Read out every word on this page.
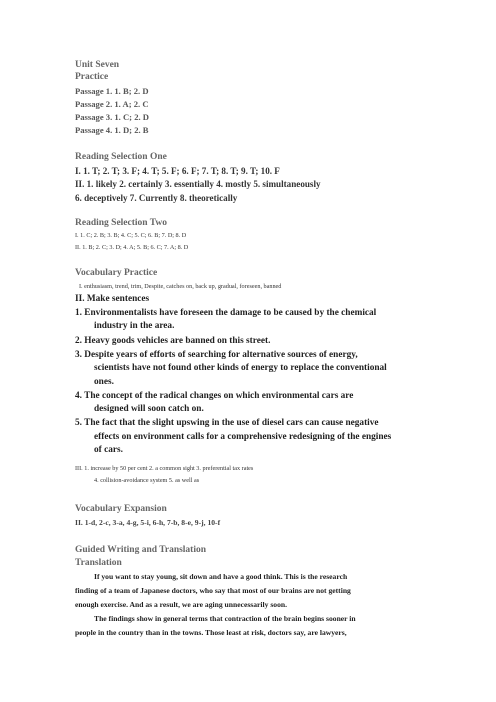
Unit Seven
Practice
Passage 1. 1. B; 2. D
Passage 2. 1. A; 2. C
Passage 3. 1. C; 2. D
Passage 4. 1. D; 2. B
Reading Selection One
I. 1. T; 2. T; 3. F; 4. T; 5. F; 6. F; 7. T; 8. T; 9. T; 10. F
II. 1. likely 2. certainly 3. essentially 4. mostly 5. simultaneously
6. deceptively 7. Currently 8. theoretically
Reading Selection Two
I. 1. C; 2. B; 3. B; 4. C; 5. C; 6. B; 7. D; 8. D
II. 1. B; 2. C; 3. D; 4. A; 5. B; 6. C; 7. A; 8. D
Vocabulary Practice
I. enthusiasm, trend, trim, Despite, catches on, back up, gradual, foreseen, banned
II. Make sentences
1. Environmentalists have foreseen the damage to be caused by the chemical
industry in the area.
2. Heavy goods vehicles are banned on this street.
3. Despite years of efforts of searching for alternative sources of energy,
scientists have not found other kinds of energy to replace the conventional
ones.
4. The concept of the radical changes on which environmental cars are
designed will soon catch on.
5. The fact that the slight upswing in the use of diesel cars can cause negative
effects on environment calls for a comprehensive redesigning of the engines
of cars.
III. 1. increase by 50 per cent 2. a common sight 3. preferential tax rates
4. collision-avoidance system 5. as well as
Vocabulary Expansion
II. 1-d, 2-c, 3-a, 4-g, 5-i, 6-h, 7-b, 8-e, 9-j, 10-f
Guided Writing and Translation
Translation
If you want to stay young, sit down and have a good think. This is the research
finding of a team of Japanese doctors, who say that most of our brains are not getting
enough exercise. And as a result, we are aging unnecessarily soon.
The findings show in general terms that contraction of the brain begins sooner in
people in the country than in the towns. Those least at risk, doctors say, are lawyers,
